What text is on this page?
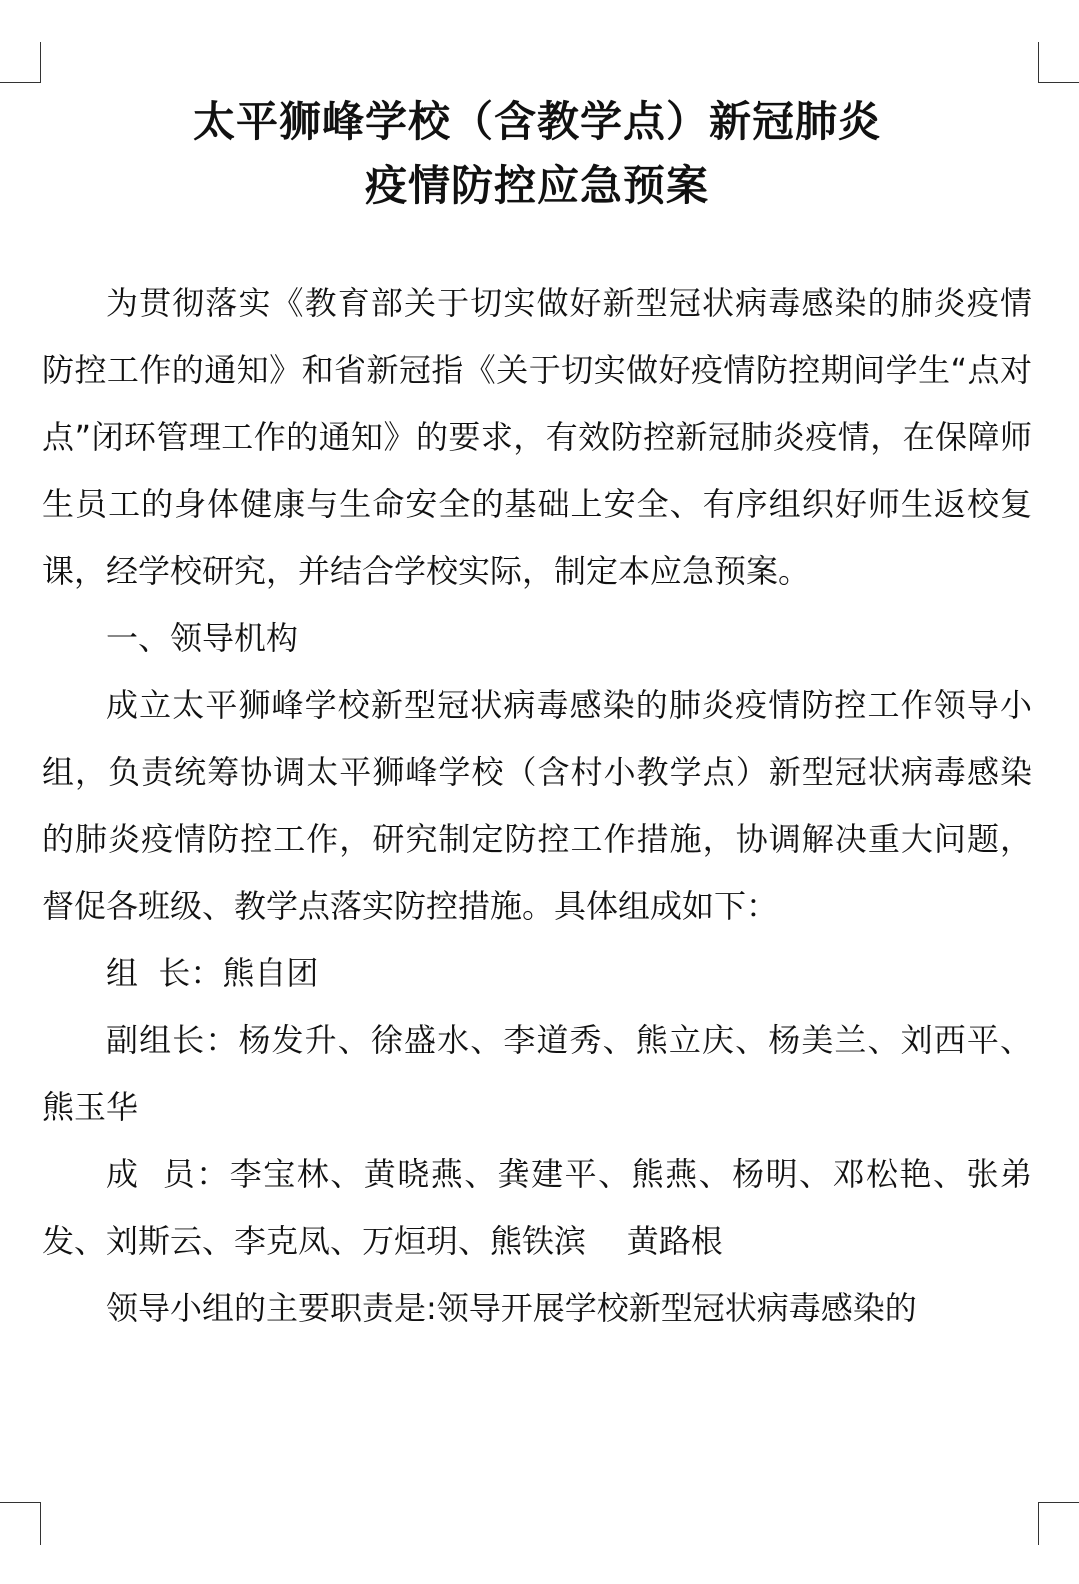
太平狮峰学校（含教学点）新冠肺炎
疫情防控应急预案

为贯彻落实《教育部关于切实做好新型冠状病毒感染的肺炎疫情防控工作的通知》和省新冠指《关于切实做好疫情防控期间学生“点对点”闭环管理工作的通知》的要求，有效防控新冠肺炎疫情，在保障师生员工的身体健康与生命安全的基础上安全、有序组织好师生返校复课，经学校研究，并结合学校实际，制定本应急预案。

一、领导机构

成立太平狮峰学校新型冠状病毒感染的肺炎疫情防控工作领导小组，负责统筹协调太平狮峰学校（含村小教学点）新型冠状病毒感染的肺炎疫情防控工作，研究制定防控工作措施，协调解决重大问题，督促各班级、教学点落实防控措施。具体组成如下：

组  长：熊自团

副组长：杨发升、徐盛水、李道秀、熊立庆、杨美兰、刘西平、熊玉华

成  员：李宝林、黄晓燕、龚建平、熊燕、杨明、邓松艳、张弟发、刘斯云、李克凤、万烜玥、熊铁滨    黄路根

领导小组的主要职责是:领导开展学校新型冠状病毒感染的
